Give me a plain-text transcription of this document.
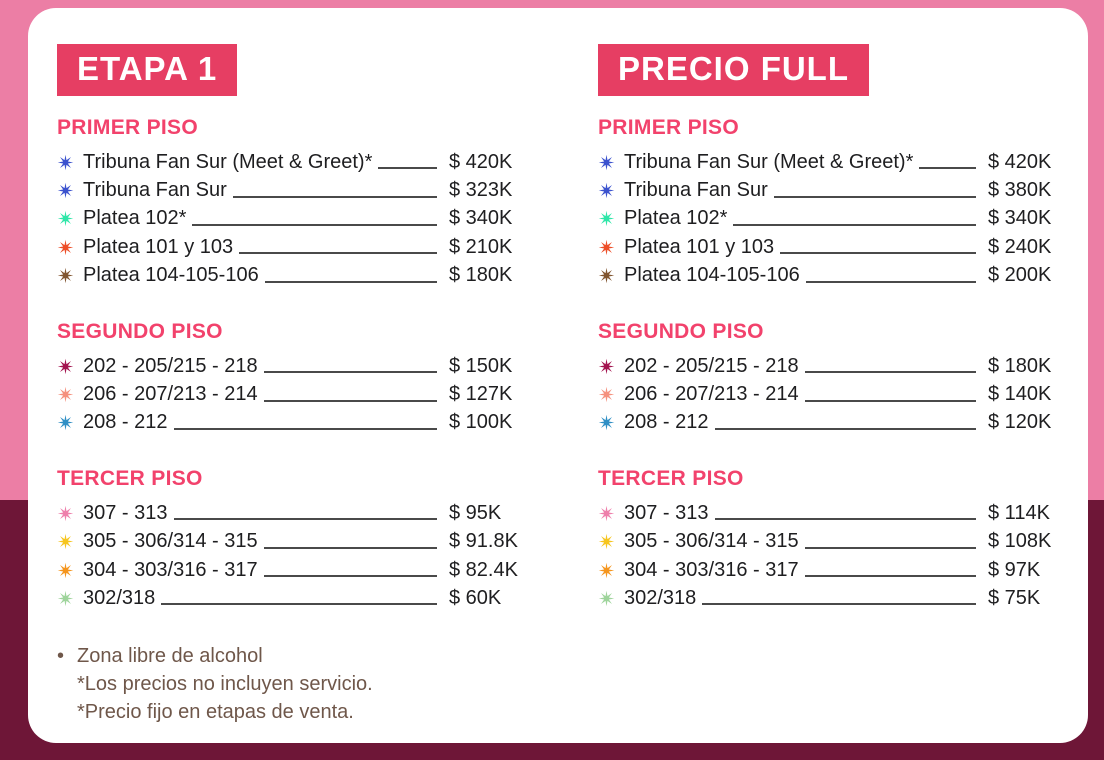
ETAPA 1
PRIMER PISO
Tribuna Fan Sur (Meet & Greet)*	$ 420K
Tribuna Fan Sur	$ 323K
Platea 102*	$ 340K
Platea 101 y 103	$ 210K
Platea 104-105-106	$ 180K
SEGUNDO PISO
202 - 205/215 - 218	$ 150K
206 - 207/213 - 214	$ 127K
208 - 212	$ 100K
TERCER PISO
307 - 313	$ 95K
305 - 306/314 - 315	$ 91.8K
304 - 303/316 - 317	$ 82.4K
302/318	$ 60K
• Zona libre de alcohol
*Los precios no incluyen servicio.
*Precio fijo en etapas de venta.
PRECIO FULL
PRIMER PISO
Tribuna Fan Sur (Meet & Greet)*	$ 420K
Tribuna Fan Sur	$ 380K
Platea 102*	$ 340K
Platea 101 y 103	$ 240K
Platea 104-105-106	$ 200K
SEGUNDO PISO
202 - 205/215 - 218	$ 180K
206 - 207/213 - 214	$ 140K
208 - 212	$ 120K
TERCER PISO
307 - 313	$ 114K
305 - 306/314 - 315	$ 108K
304 - 303/316 - 317	$ 97K
302/318	$ 75K
